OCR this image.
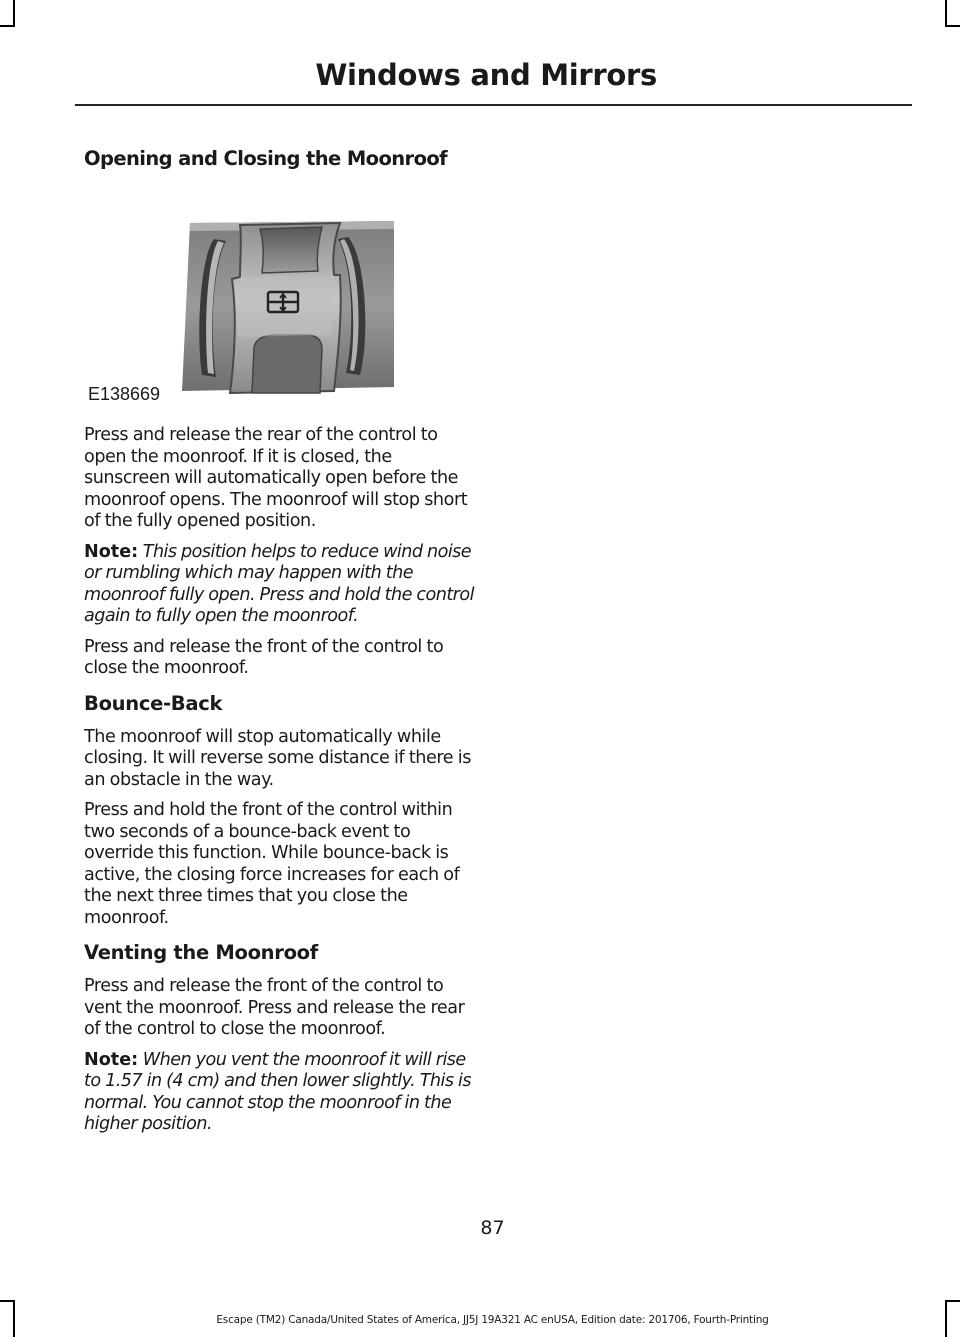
Windows and Mirrors
Opening and Closing the Moonroof
E138669

Press and release the rear of the control to open the moonroof. If it is closed, the sunscreen will automatically open before the moonroof opens. The moonroof will stop short of the fully opened position.

Note: This position helps to reduce wind noise or rumbling which may happen with the moonroof fully open. Press and hold the control again to fully open the moonroof.

Press and release the front of the control to close the moonroof.

Bounce-Back

The moonroof will stop automatically while closing. It will reverse some distance if there is an obstacle in the way.

Press and hold the front of the control within two seconds of a bounce-back event to override this function. While bounce-back is active, the closing force increases for each of the next three times that you close the moonroof.

Venting the Moonroof

Press and release the front of the control to vent the moonroof. Press and release the rear of the control to close the moonroof.

Note: When you vent the moonroof it will rise to 1.57 in (4 cm) and then lower slightly. This is normal. You cannot stop the moonroof in the higher position.

87
Escape (TM2) Canada/United States of America, JJ5J 19A321 AC enUSA, Edition date: 201706, Fourth-Printing
